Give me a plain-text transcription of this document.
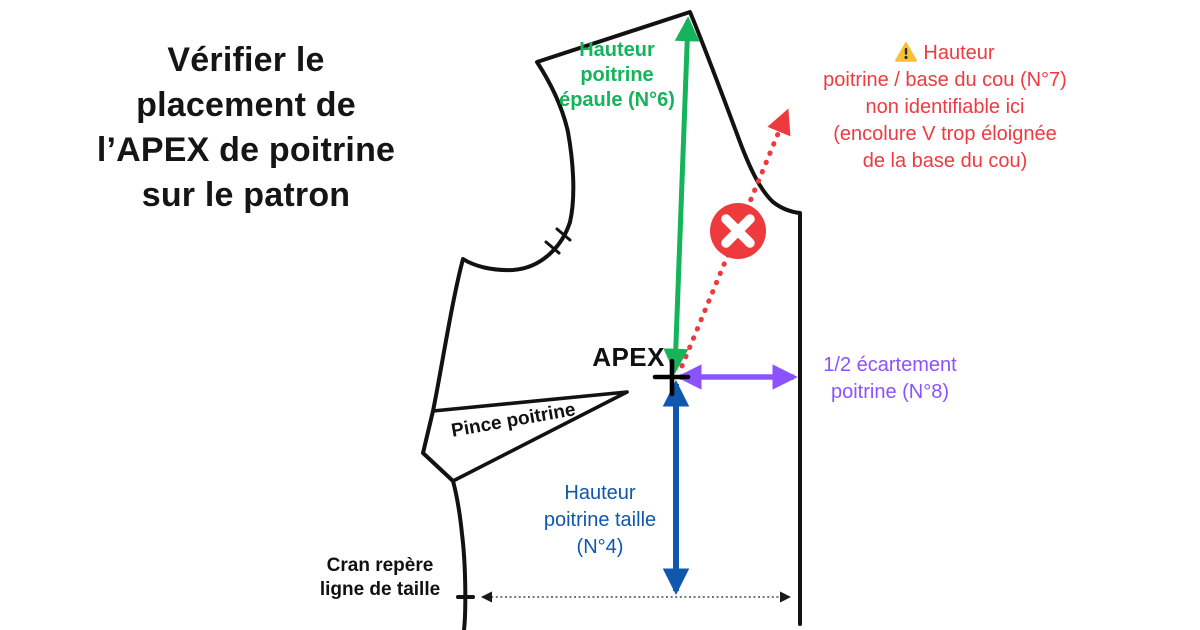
Vérifier le
placement de
l’APEX de poitrine
sur le patron
Hauteur
poitrine
épaule (N°6)
Hauteur
poitrine / base du cou (N°7)
non identifiable ici
(encolure V trop éloignée
de la base du cou)
1/2 écartement
poitrine (N°8)
Hauteur
poitrine taille
(N°4)
APEX
Pince poitrine
Cran repère
ligne de taille
